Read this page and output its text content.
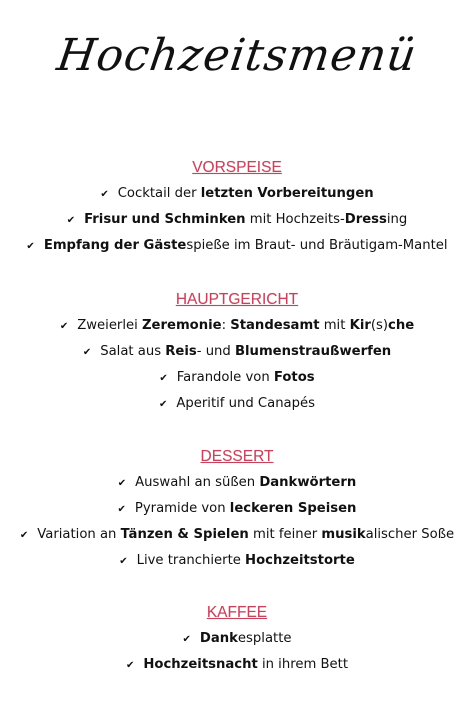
Hochzeitsmenü
VORSPEISE
✔ Cocktail der letzten Vorbereitungen
✔ Frisur und Schminken mit Hochzeits-Dressing
✔ Empfang der Gästespieße im Braut- und Bräutigam-Mantel
HAUPTGERICHT
✔ Zweierlei Zeremonie: Standesamt mit Kir(s)che
✔ Salat aus Reis- und Blumenstraußwerfen
✔ Farandole von Fotos
✔ Aperitif und Canapés
DESSERT
✔ Auswahl an süßen Dankwörtern
✔ Pyramide von leckeren Speisen
✔ Variation an Tänzen & Spielen mit feiner musikalischer Soße
✔ Live tranchierte Hochzeitstorte
KAFFEE
✔ Dankesplatte
✔ Hochzeitsnacht in ihrem Bett
